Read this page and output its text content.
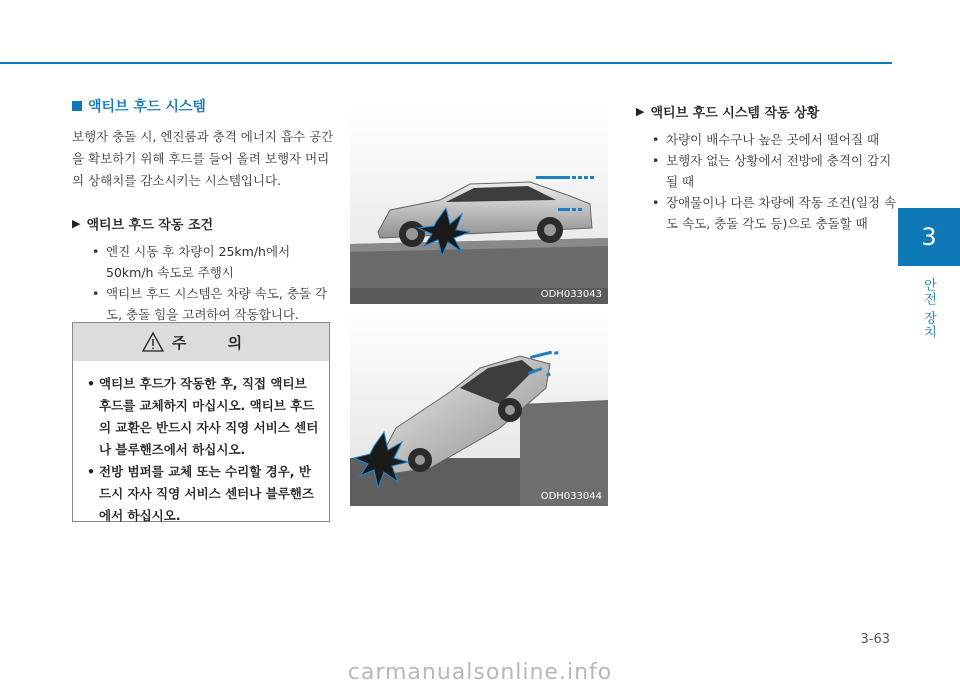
액티브 후드 시스템

보행자 충돌 시, 엔진룸과 충격 에너지 흡수 공간을 확보하기 위해 후드를 들어 올려 보행자 머리의 상해치를 감소시키는 시스템입니다.

▶ 액티브 후드 작동 조건
• 엔진 시동 후 차량이 25km/h에서 50km/h 속도로 주행시
• 액티브 후드 시스템은 차량 속도, 충돌 각도, 충돌 힘을 고려하여 작동합니다.
주 의
• 액티브 후드가 작동한 후, 직접 액티브 후드를 교체하지 마십시오. 액티브 후드의 교환은 반드시 자사 직영 서비스 센터나 블루핸즈에서 하십시오.
• 전방 범퍼를 교체 또는 수리할 경우, 반드시 자사 직영 서비스 센터나 블루핸즈에서 하십시오.
ODH033043
ODH033044
▶ 액티브 후드 시스템 작동 상황
• 차량이 배수구나 높은 곳에서 떨어질 때
• 보행자 없는 상황에서 전방에 충격이 감지될 때
• 장애물이나 다른 차량에 작동 조건(일정 속도 속도, 충돌 각도 등)으로 충돌할 때	3
안전 장치
3-63
carmanualsonline.info
